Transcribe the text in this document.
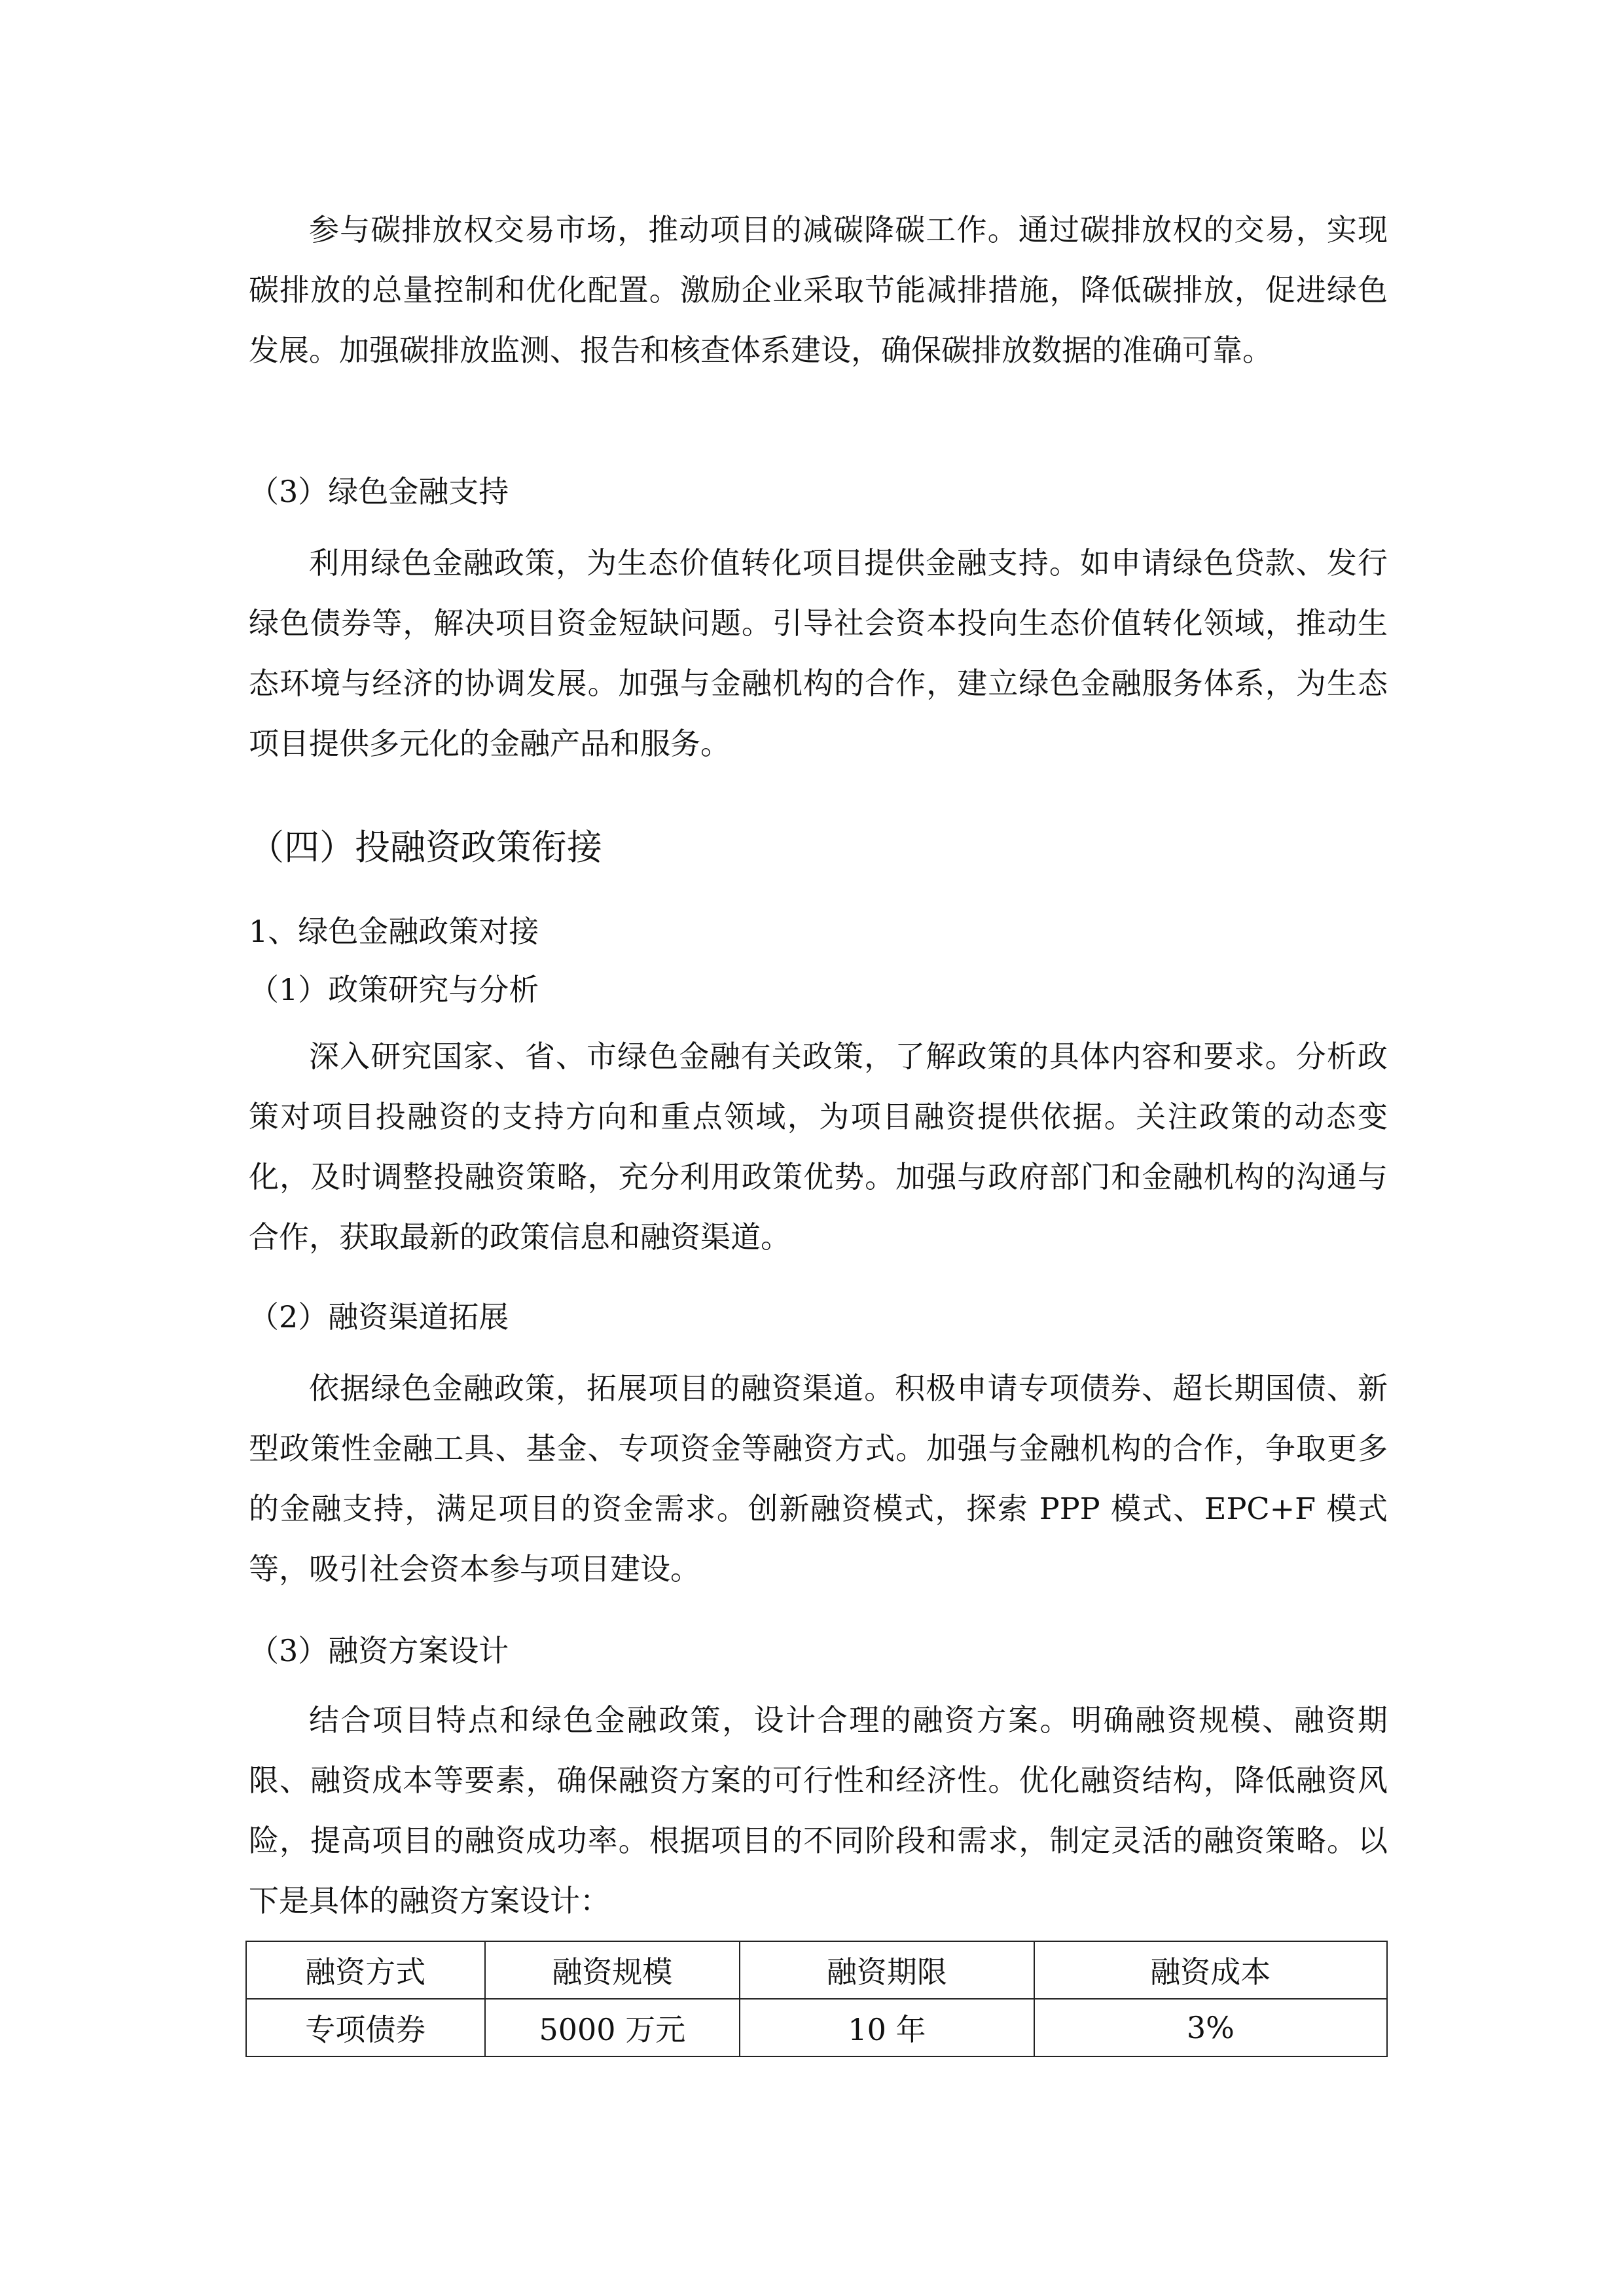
参与碳排放权交易市场，推动项目的减碳降碳工作。通过碳排放权的交易，实现碳排放的总量控制和优化配置。激励企业采取节能减排措施，降低碳排放，促进绿色发展。加强碳排放监测、报告和核查体系建设，确保碳排放数据的准确可靠。

（3）绿色金融支持

利用绿色金融政策，为生态价值转化项目提供金融支持。如申请绿色贷款、发行绿色债券等，解决项目资金短缺问题。引导社会资本投向生态价值转化领域，推动生态环境与经济的协调发展。加强与金融机构的合作，建立绿色金融服务体系，为生态项目提供多元化的金融产品和服务。

（四）投融资政策衔接

1、绿色金融政策对接

（1）政策研究与分析

深入研究国家、省、市绿色金融有关政策，了解政策的具体内容和要求。分析政策对项目投融资的支持方向和重点领域，为项目融资提供依据。关注政策的动态变化，及时调整投融资策略，充分利用政策优势。加强与政府部门和金融机构的沟通与合作，获取最新的政策信息和融资渠道。

（2）融资渠道拓展

依据绿色金融政策，拓展项目的融资渠道。积极申请专项债券、超长期国债、新型政策性金融工具、基金、专项资金等融资方式。加强与金融机构的合作，争取更多的金融支持，满足项目的资金需求。创新融资模式，探索 PPP 模式、EPC+F 模式等，吸引社会资本参与项目建设。

（3）融资方案设计

结合项目特点和绿色金融政策，设计合理的融资方案。明确融资规模、融资期限、融资成本等要素，确保融资方案的可行性和经济性。优化融资结构，降低融资风险，提高项目的融资成功率。根据项目的不同阶段和需求，制定灵活的融资策略。以下是具体的融资方案设计：

融资方式	融资规模	融资期限	融资成本
专项债券	5000 万元	10 年	3%
